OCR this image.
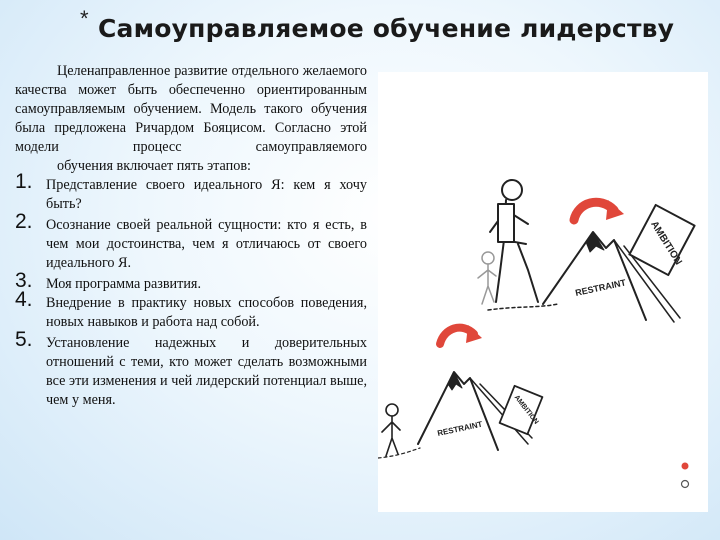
* Самоуправляемое обучение лидерству

Целенаправленное развитие отдельного желаемого качества может быть обеспеченно ориентированным самоуправляемым обучением. Модель такого обучения была предложена Ричардом Бояцисом. Согласно этой модели процесс самоуправляемого
обучения включает пять этапов:

1. Представление своего идеального Я: кем я хочу быть?
2. Осознание своей реальной сущности: кто я есть, в чем мои достоинства, чем я отличаюсь от своего идеального Я.
3. Моя программа развития.
4. Внедрение в практику новых способов поведения, новых навыков и работа над собой.
5. Установление надежных и доверительных отношений с теми, кто может сделать возможными все эти изменения и чей лидерский потенциал выше, чем у меня.
RESTRAINT
AMBITION
RESTRAINT
AMBITION
